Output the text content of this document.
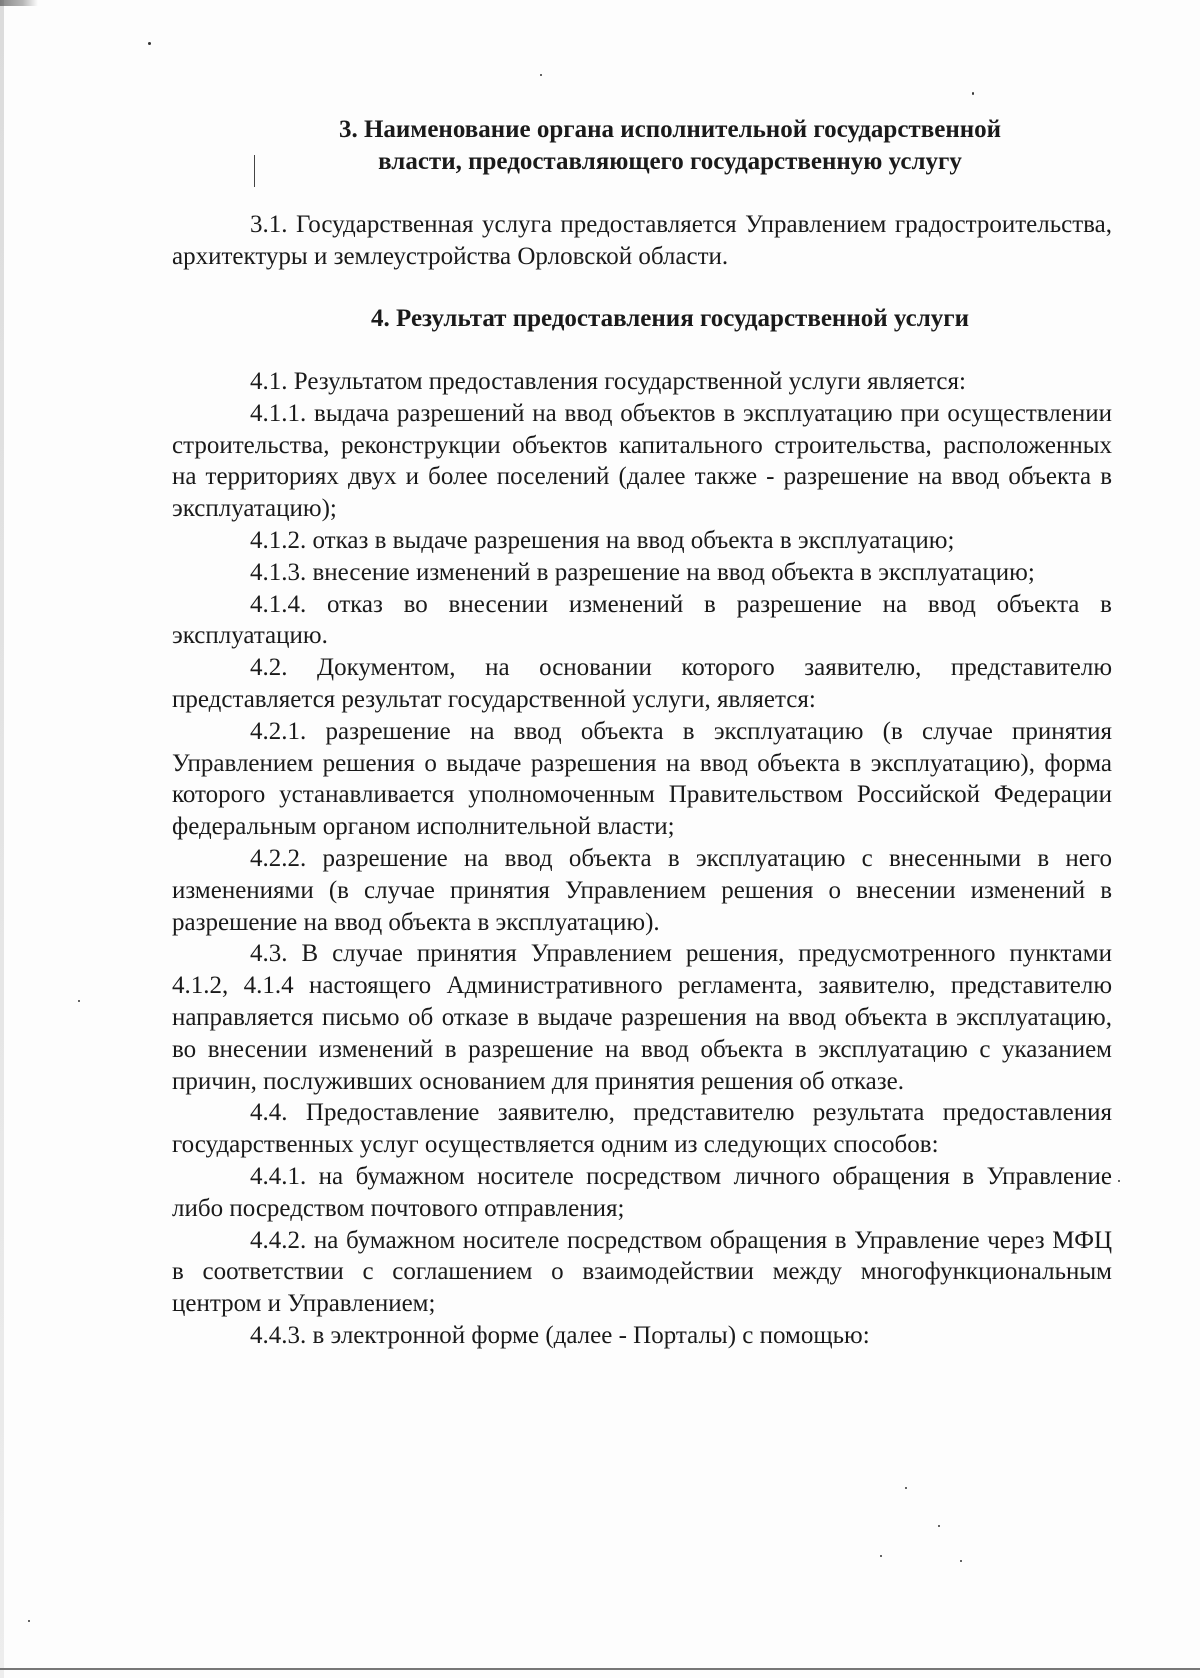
3. Наименование органа исполнительной государственной
власти, предоставляющего государственную услугу

3.1. Государственная услуга предоставляется Управлением градостроительства, архитектуры и землеустройства Орловской области.

4. Результат предоставления государственной услуги

4.1. Результатом предоставления государственной услуги является:

4.1.1. выдача разрешений на ввод объектов в эксплуатацию при осуществлении строительства, реконструкции объектов капитального строительства, расположенных на территориях двух и более поселений (далее также - разрешение на ввод объекта в эксплуатацию);

4.1.2. отказ в выдаче разрешения на ввод объекта в эксплуатацию;

4.1.3. внесение изменений в разрешение на ввод объекта в эксплуатацию;

4.1.4. отказ во внесении изменений в разрешение на ввод объекта в эксплуатацию.

4.2. Документом, на основании которого заявителю, представителю представляется результат государственной услуги, является:

4.2.1. разрешение на ввод объекта в эксплуатацию (в случае принятия Управлением решения о выдаче разрешения на ввод объекта в эксплуатацию), форма которого устанавливается уполномоченным Правительством Российской Федерации федеральным органом исполнительной власти;

4.2.2. разрешение на ввод объекта в эксплуатацию с внесенными в него изменениями (в случае принятия Управлением решения о внесении изменений в разрешение на ввод объекта в эксплуатацию).

4.3. В случае принятия Управлением решения, предусмотренного пунктами 4.1.2, 4.1.4 настоящего Административного регламента, заявителю, представителю направляется письмо об отказе в выдаче разрешения на ввод объекта в эксплуатацию, во внесении изменений в разрешение на ввод объекта в эксплуатацию с указанием причин, послуживших основанием для принятия решения об отказе.

4.4. Предоставление заявителю, представителю результата предоставления государственных услуг осуществляется одним из следующих способов:

4.4.1. на бумажном носителе посредством личного обращения в Управление либо посредством почтового отправления;

4.4.2. на бумажном носителе посредством обращения в Управление через МФЦ в соответствии с соглашением о взаимодействии между многофункциональным центром и Управлением;

4.4.3. в электронной форме (далее - Порталы) с помощью:
